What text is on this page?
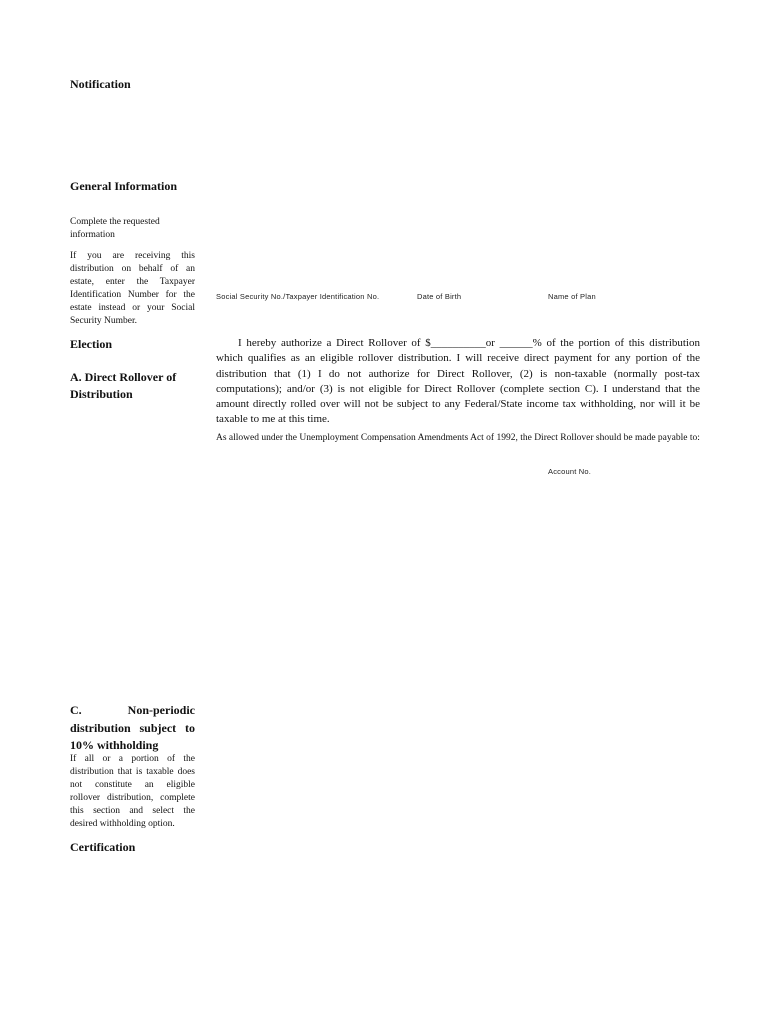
Notification
General Information
Complete the requested information
If you are receiving this distribution on behalf of an estate, enter the Taxpayer Identification Number for the estate instead or your Social Security Number.
Election
A. Direct Rollover of Distribution
C. Non-periodic distribution subject to 10% withholding
If all or a portion of the distribution that is taxable does not constitute an eligible rollover distribution, complete this section and select the desired withholding option.
Certification
Social Security No./Taxpayer Identification No.	Date of Birth	Name of Plan
I hereby authorize a Direct Rollover of $__________or ______% of the portion of this distribution which qualifies as an eligible rollover distribution. I will receive direct payment for any portion of the distribution that (1) I do not authorize for Direct Rollover, (2) is non-taxable (normally post-tax computations); and/or (3) is not eligible for Direct Rollover (complete section C). I understand that the amount directly rolled over will not be subject to any Federal/State income tax withholding, nor will it be taxable to me at this time.
As allowed under the Unemployment Compensation Amendments Act of 1992, the Direct Rollover should be made payable to:
Account No.
